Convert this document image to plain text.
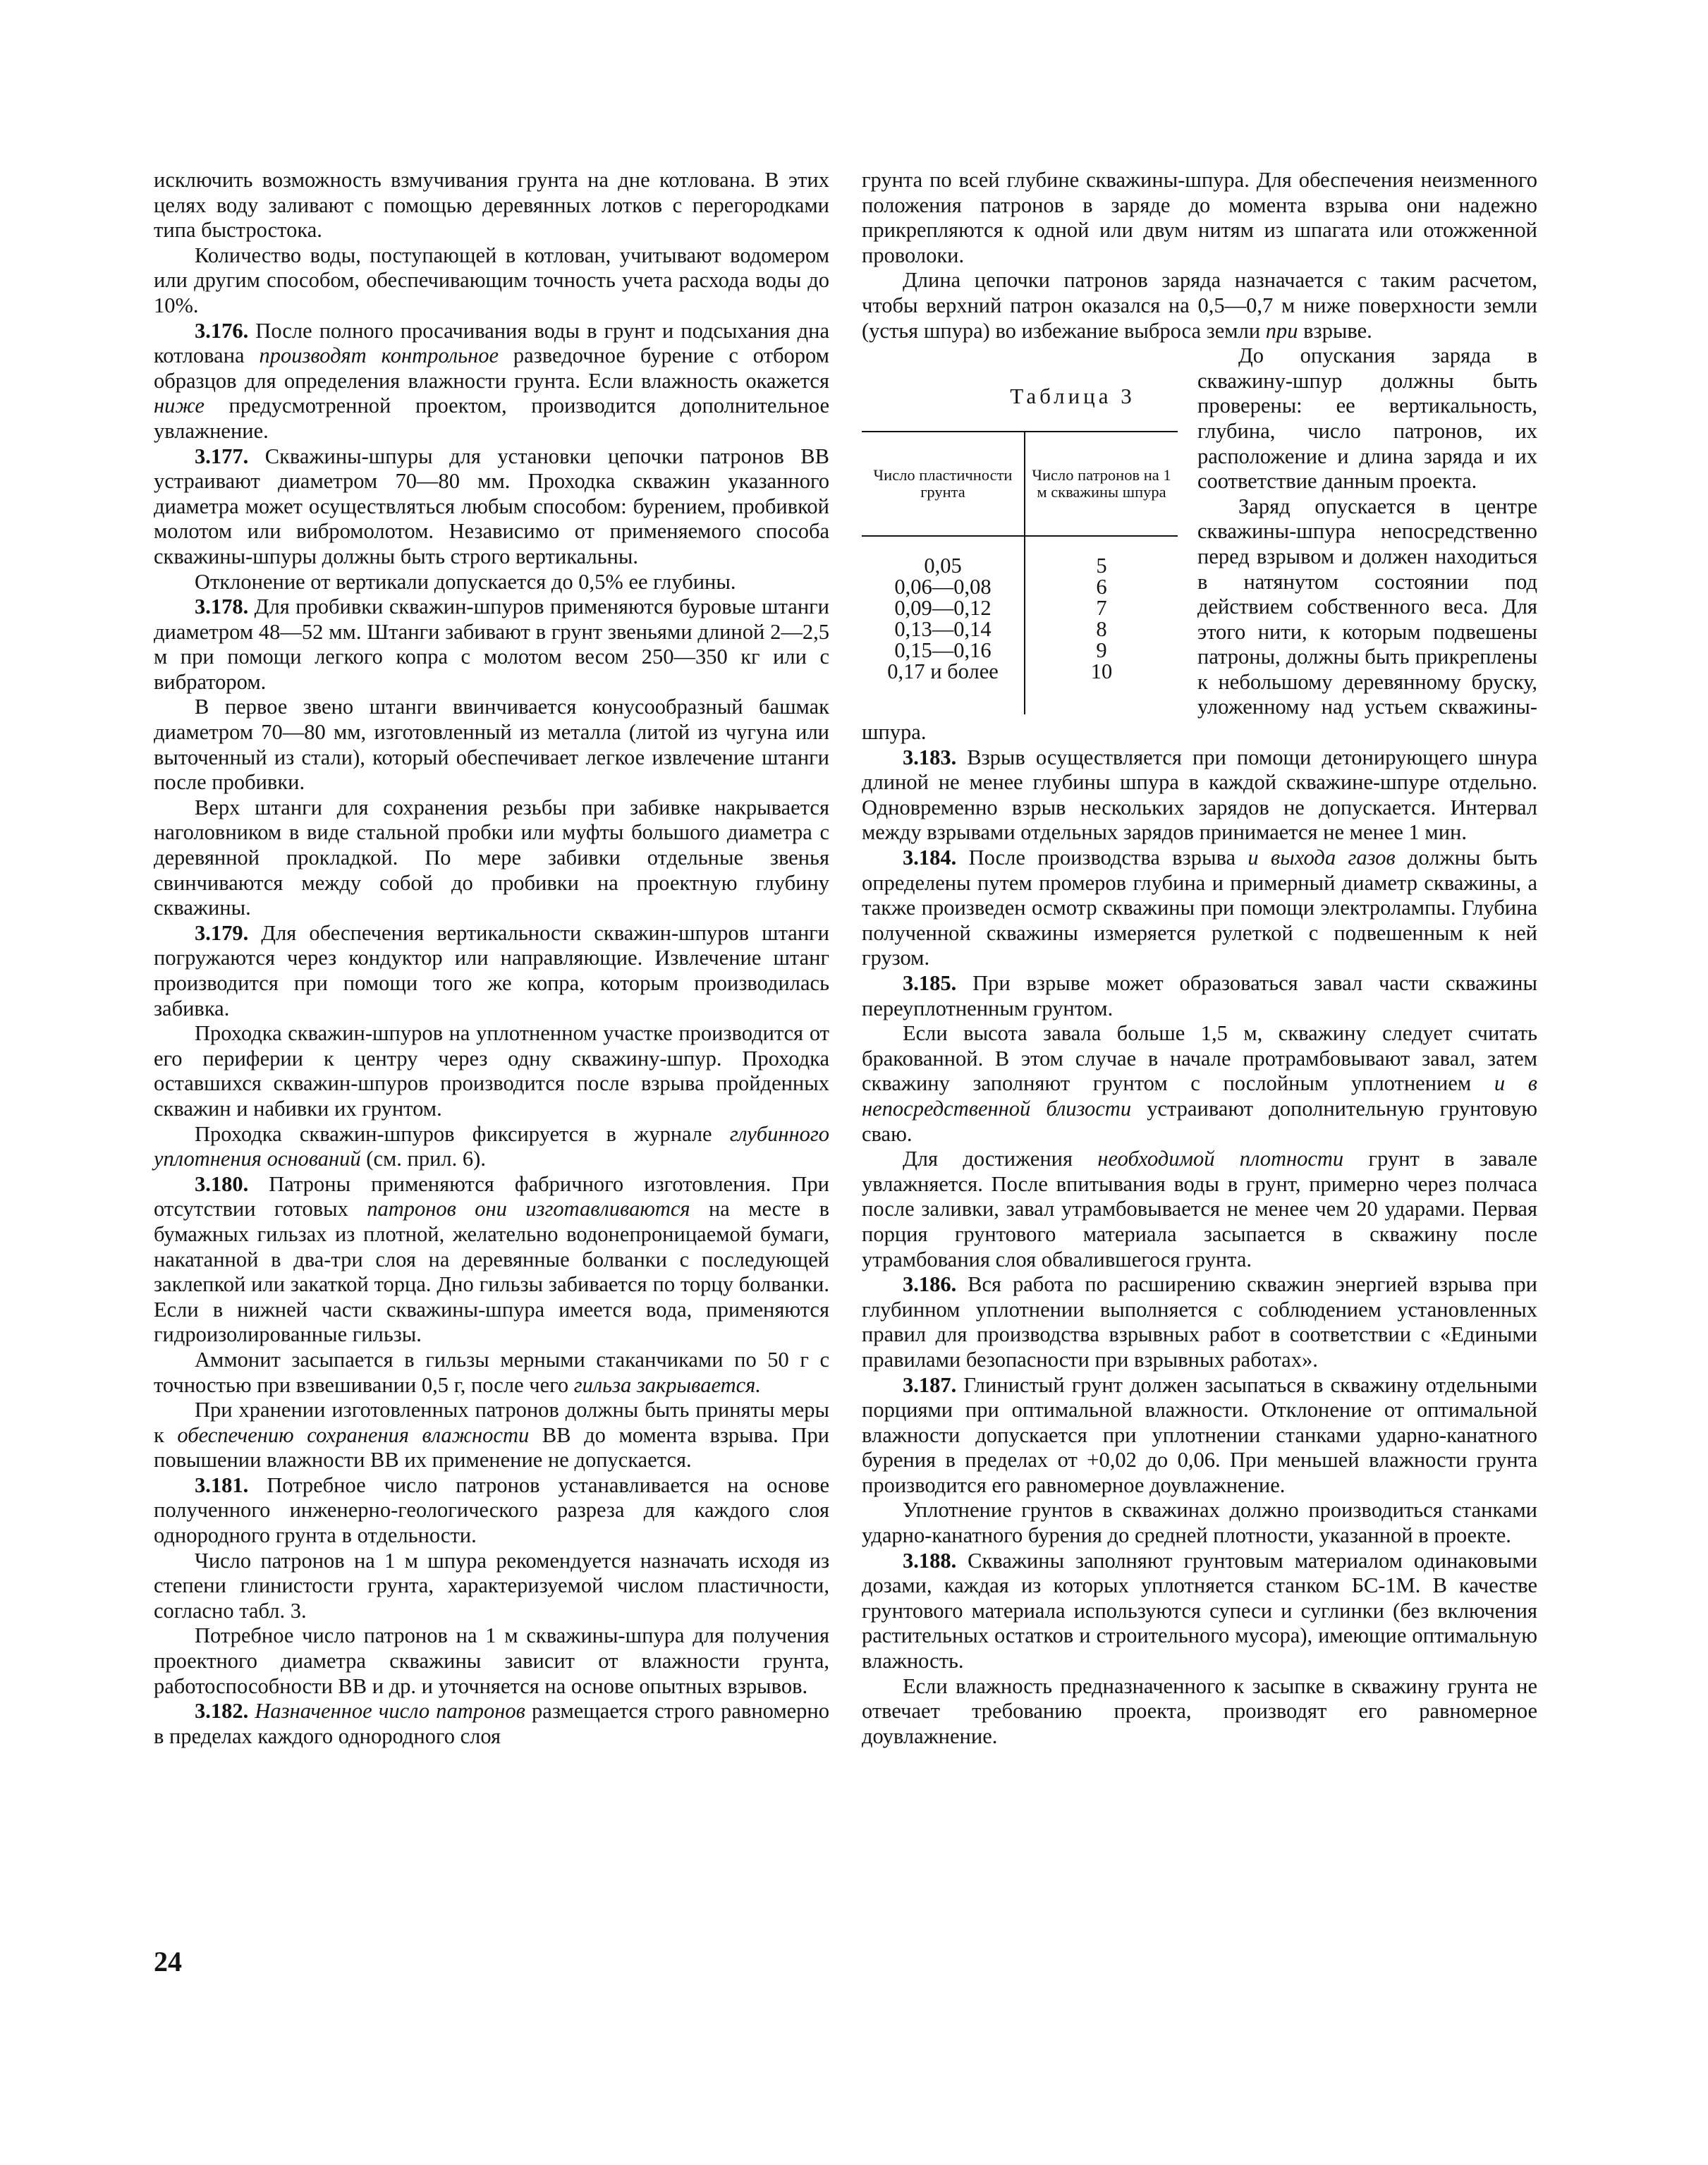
исключить возможность взмучивания грунта на дне котлована. В этих целях воду заливают с помощью деревянных лотков с перегородками типа быстростока.

Количество воды, поступающей в котлован, учитывают водомером или другим способом, обеспечивающим точность учета расхода воды до 10%.

3.176. После полного просачивания воды в грунт и подсыхания дна котлована производят контрольное разведочное бурение с отбором образцов для определения влажности грунта. Если влажность окажется ниже предусмотренной проектом, производится дополнительное увлажнение.

3.177. Скважины-шпуры для установки цепочки патронов ВВ устраивают диаметром 70—80 мм. Проходка скважин указанного диаметра может осуществляться любым способом: бурением, пробивкой молотом или вибромолотом. Независимо от применяемого способа скважины-шпуры должны быть строго вертикальны.

Отклонение от вертикали допускается до 0,5% ее глубины.

3.178. Для пробивки скважин-шпуров применяются буровые штанги диаметром 48—52 мм. Штанги забивают в грунт звеньями длиной 2—2,5 м при помощи легкого копра с молотом весом 250—350 кг или с вибратором.

В первое звено штанги ввинчивается конусообразный башмак диаметром 70—80 мм, изготовленный из металла (литой из чугуна или выточенный из стали), который обеспечивает легкое извлечение штанги после пробивки.

Верх штанги для сохранения резьбы при забивке накрывается наголовником в виде стальной пробки или муфты большого диаметра с деревянной прокладкой. По мере забивки отдельные звенья свинчиваются между собой до пробивки на проектную глубину скважины.

3.179. Для обеспечения вертикальности скважин-шпуров штанги погружаются через кондуктор или направляющие. Извлечение штанг производится при помощи того же копра, которым производилась забивка.

Проходка скважин-шпуров на уплотненном участке производится от его периферии к центру через одну скважину-шпур. Проходка оставшихся скважин-шпуров производится после взрыва пройденных скважин и набивки их грунтом.

Проходка скважин-шпуров фиксируется в журнале глубинного уплотнения оснований (см. прил. 6).

3.180. Патроны применяются фабричного изготовления. При отсутствии готовых патронов они изготавливаются на месте в бумажных гильзах из плотной, желательно водонепроницаемой бумаги, накатанной в два-три слоя на деревянные болванки с последующей заклепкой или закаткой торца. Дно гильзы забивается по торцу болванки. Если в нижней части скважины-шпура имеется вода, применяются гидроизолированные гильзы.

Аммонит засыпается в гильзы мерными стаканчиками по 50 г с точностью при взвешивании 0,5 г, после чего гильза закрывается.

При хранении изготовленных патронов должны быть приняты меры к обеспечению сохранения влажности ВВ до момента взрыва. При повышении влажности ВВ их применение не допускается.

3.181. Потребное число патронов устанавливается на основе полученного инженерно-геологического разреза для каждого слоя однородного грунта в отдельности.

Число патронов на 1 м шпура рекомендуется назначать исходя из степени глинистости грунта, характеризуемой числом пластичности, согласно табл. 3.

Потребное число патронов на 1 м скважины-шпура для получения проектного диаметра скважины зависит от влажности грунта, работоспособности ВВ и др. и уточняется на основе опытных взрывов.

3.182. Назначенное число патронов размещается строго равномерно в пределах каждого однородного слоя

грунта по всей глубине скважины-шпура. Для обеспечения неизменного положения патронов в заряде до момента взрыва они надежно прикрепляются к одной или двум нитям из шпагата или отожженной проволоки.

Длина цепочки патронов заряда назначается с таким расчетом, чтобы верхний патрон оказался на 0,5—0,7 м ниже поверхности земли (устья шпура) во избежание выброса земли при взрыве.

Таблица 3
Число пластичности грунта	Число патронов на 1 м скважины шпура
0,05	5
0,06—0,08	6
0,09—0,12	7
0,13—0,14	8
0,15—0,16	9
0,17 и более	10

До опускания заряда в скважину-шпур должны быть проверены: ее вертикальность, глубина, число патронов, их расположение и длина заряда и их соответствие данным проекта.

Заряд опускается в центре скважины-шпура непосредственно перед взрывом и должен находиться в натянутом состоянии под действием собственного веса. Для этого нити, к которым подвешены патроны, должны быть прикреплены к небольшому деревянному бруску, уложенному над устьем скважины-шпура.

3.183. Взрыв осуществляется при помощи детонирующего шнура длиной не менее глубины шпура в каждой скважине-шпуре отдельно. Одновременно взрыв нескольких зарядов не допускается. Интервал между взрывами отдельных зарядов принимается не менее 1 мин.

3.184. После производства взрыва и выхода газов должны быть определены путем промеров глубина и примерный диаметр скважины, а также произведен осмотр скважины при помощи электролампы. Глубина полученной скважины измеряется рулеткой с подвешенным к ней грузом.

3.185. При взрыве может образоваться завал части скважины переуплотненным грунтом.

Если высота завала больше 1,5 м, скважину следует считать бракованной. В этом случае в начале протрамбовывают завал, затем скважину заполняют грунтом с послойным уплотнением и в непосредственной близости устраивают дополнительную грунтовую сваю.

Для достижения необходимой плотности грунт в завале увлажняется. После впитывания воды в грунт, примерно через полчаса после заливки, завал утрамбовывается не менее чем 20 ударами. Первая порция грунтового материала засыпается в скважину после утрамбования слоя обвалившегося грунта.

3.186. Вся работа по расширению скважин энергией взрыва при глубинном уплотнении выполняется с соблюдением установленных правил для производства взрывных работ в соответствии с «Едиными правилами безопасности при взрывных работах».

3.187. Глинистый грунт должен засыпаться в скважину отдельными порциями при оптимальной влажности. Отклонение от оптимальной влажности допускается при уплотнении станками ударно-канатного бурения в пределах от +0,02 до 0,06. При меньшей влажности грунта производится его равномерное доувлажнение.

Уплотнение грунтов в скважинах должно производиться станками ударно-канатного бурения до средней плотности, указанной в проекте.

3.188. Скважины заполняют грунтовым материалом одинаковыми дозами, каждая из которых уплотняется станком БС-1М. В качестве грунтового материала используются супеси и суглинки (без включения растительных остатков и строительного мусора), имеющие оптимальную влажность.

Если влажность предназначенного к засыпке в скважину грунта не отвечает требованию проекта, производят его равномерное доувлажнение.

24
